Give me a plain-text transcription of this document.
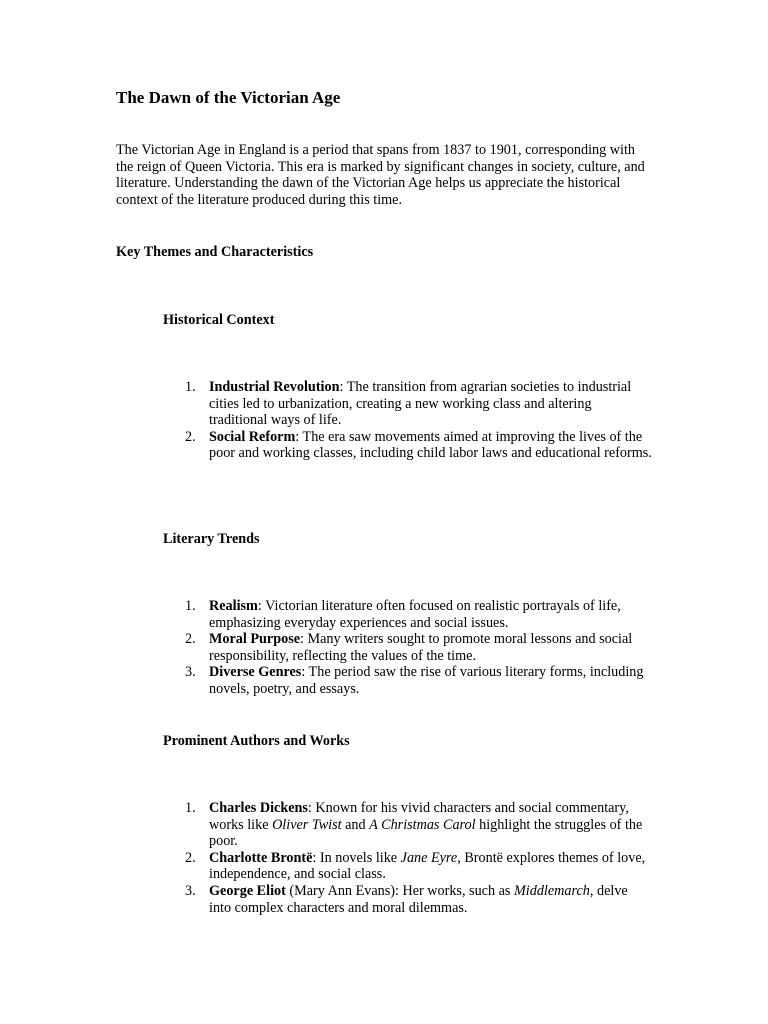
The Dawn of the Victorian Age

The Victorian Age in England is a period that spans from 1837 to 1901, corresponding with the reign of Queen Victoria. This era is marked by significant changes in society, culture, and literature. Understanding the dawn of the Victorian Age helps us appreciate the historical context of the literature produced during this time.

Key Themes and Characteristics
Historical Context
1. Industrial Revolution: The transition from agrarian societies to industrial cities led to urbanization, creating a new working class and altering traditional ways of life.
2. Social Reform: The era saw movements aimed at improving the lives of the poor and working classes, including child labor laws and educational reforms.
Literary Trends
1. Realism: Victorian literature often focused on realistic portrayals of life, emphasizing everyday experiences and social issues.
2. Moral Purpose: Many writers sought to promote moral lessons and social responsibility, reflecting the values of the time.
3. Diverse Genres: The period saw the rise of various literary forms, including novels, poetry, and essays.
Prominent Authors and Works
1. Charles Dickens: Known for his vivid characters and social commentary, works like Oliver Twist and A Christmas Carol highlight the struggles of the poor.
2. Charlotte Brontë: In novels like Jane Eyre, Brontë explores themes of love, independence, and social class.
3. George Eliot (Mary Ann Evans): Her works, such as Middlemarch, delve into complex characters and moral dilemmas.
